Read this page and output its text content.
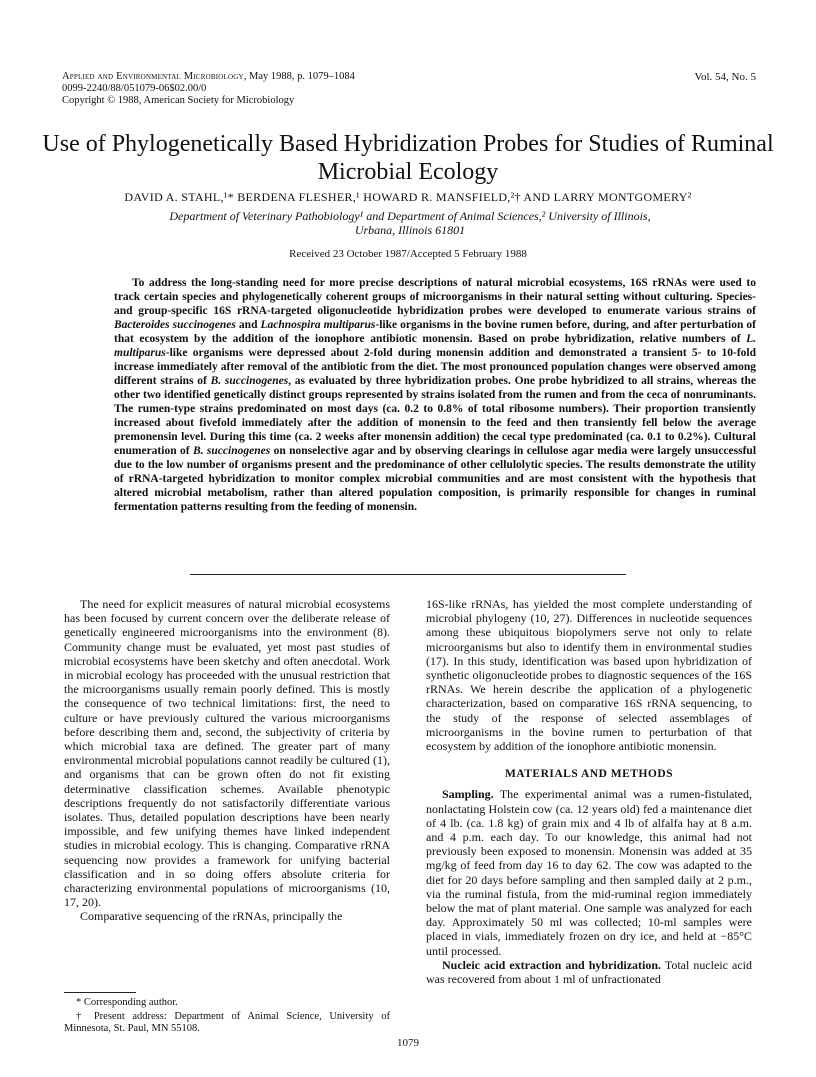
Applied and Environmental Microbiology, May 1988, p. 1079–1084
0099-2240/88/051079-06$02.00/0
Copyright © 1988, American Society for Microbiology
Vol. 54, No. 5
Use of Phylogenetically Based Hybridization Probes for Studies of Ruminal Microbial Ecology
DAVID A. STAHL,¹* BERDENA FLESHER,¹ HOWARD R. MANSFIELD,²† AND LARRY MONTGOMERY²
Department of Veterinary Pathobiology¹ and Department of Animal Sciences,² University of Illinois,
Urbana, Illinois 61801
Received 23 October 1987/Accepted 5 February 1988

To address the long-standing need for more precise descriptions of natural microbial ecosystems, 16S rRNAs were used to track certain species and phylogenetically coherent groups of microorganisms in their natural setting without culturing. Species- and group-specific 16S rRNA-targeted oligonucleotide hybridization probes were developed to enumerate various strains of Bacteroides succinogenes and Lachnospira multiparus-like organisms in the bovine rumen before, during, and after perturbation of that ecosystem by the addition of the ionophore antibiotic monensin. Based on probe hybridization, relative numbers of L. multiparus-like organisms were depressed about 2-fold during monensin addition and demonstrated a transient 5- to 10-fold increase immediately after removal of the antibiotic from the diet. The most pronounced population changes were observed among different strains of B. succinogenes, as evaluated by three hybridization probes. One probe hybridized to all strains, whereas the other two identified genetically distinct groups represented by strains isolated from the rumen and from the ceca of nonruminants. The rumen-type strains predominated on most days (ca. 0.2 to 0.8% of total ribosome numbers). Their proportion transiently increased about fivefold immediately after the addition of monensin to the feed and then transiently fell below the average premonensin level. During this time (ca. 2 weeks after monensin addition) the cecal type predominated (ca. 0.1 to 0.2%). Cultural enumeration of B. succinogenes on nonselective agar and by observing clearings in cellulose agar media were largely unsuccessful due to the low number of organisms present and the predominance of other cellulolytic species. The results demonstrate the utility of rRNA-targeted hybridization to monitor complex microbial communities and are most consistent with the hypothesis that altered microbial metabolism, rather than altered population composition, is primarily responsible for changes in ruminal fermentation patterns resulting from the feeding of monensin.

The need for explicit measures of natural microbial ecosystems has been focused by current concern over the deliberate release of genetically engineered microorganisms into the environment (8). Community change must be evaluated, yet most past studies of microbial ecosystems have been sketchy and often anecdotal. Work in microbial ecology has proceeded with the unusual restriction that the microorganisms usually remain poorly defined. This is mostly the consequence of two technical limitations: first, the need to culture or have previously cultured the various microorganisms before describing them and, second, the subjectivity of criteria by which microbial taxa are defined. The greater part of many environmental microbial populations cannot readily be cultured (1), and organisms that can be grown often do not fit existing determinative classification schemes. Available phenotypic descriptions frequently do not satisfactorily differentiate various isolates. Thus, detailed population descriptions have been nearly impossible, and few unifying themes have linked independent studies in microbial ecology. This is changing. Comparative rRNA sequencing now provides a framework for unifying bacterial classification and in so doing offers absolute criteria for characterizing environmental populations of microorganisms (10, 17, 20).

Comparative sequencing of the rRNAs, principally the

16S-like rRNAs, has yielded the most complete understanding of microbial phylogeny (10, 27). Differences in nucleotide sequences among these ubiquitous biopolymers serve not only to relate microorganisms but also to identify them in environmental studies (17). In this study, identification was based upon hybridization of synthetic oligonucleotide probes to diagnostic sequences of the 16S rRNAs. We herein describe the application of a phylogenetic characterization, based on comparative 16S rRNA sequencing, to the study of the response of selected assemblages of microorganisms in the bovine rumen to perturbation of that ecosystem by addition of the ionophore antibiotic monensin.

MATERIALS AND METHODS

Sampling. The experimental animal was a rumen-fistulated, nonlactating Holstein cow (ca. 12 years old) fed a maintenance diet of 4 lb. (ca. 1.8 kg) of grain mix and 4 lb of alfalfa hay at 8 a.m. and 4 p.m. each day. To our knowledge, this animal had not previously been exposed to monensin. Monensin was added at 35 mg/kg of feed from day 16 to day 62. The cow was adapted to the diet for 20 days before sampling and then sampled daily at 2 p.m., via the ruminal fistula, from the mid-ruminal region immediately below the mat of plant material. One sample was analyzed for each day. Approximately 50 ml was collected; 10-ml samples were placed in vials, immediately frozen on dry ice, and held at −85°C until processed.

Nucleic acid extraction and hybridization. Total nucleic acid was recovered from about 1 ml of unfractionated

* Corresponding author.

† Present address: Department of Animal Science, University of Minnesota, St. Paul, MN 55108.

1079
